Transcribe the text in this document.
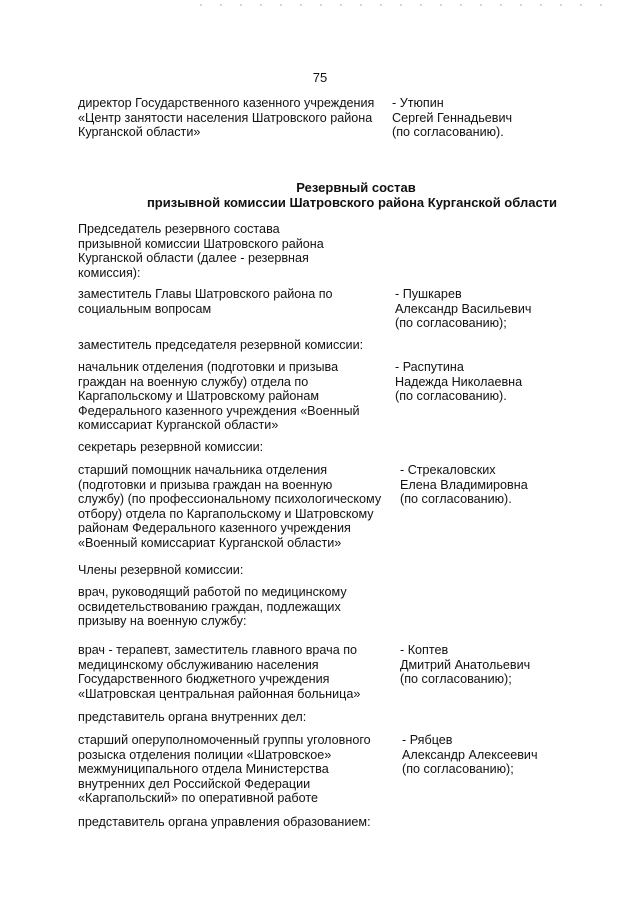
75
директор Государственного казенного учреждения
«Центр занятости населения Шатровского района
Курганской области»
- Утюпин
Сергей Геннадьевич
(по согласованию).
Резервный состав
призывной комиссии Шатровского района Курганской области
Председатель резервного состава
призывной комиссии Шатровского района
Курганской области (далее - резервная
комиссия):
заместитель Главы Шатровского района по
социальным вопросам
- Пушкарев
Александр Васильевич
(по согласованию);
заместитель председателя резервной комиссии:
начальник отделения (подготовки и призыва
граждан на военную службу) отдела по
Каргапольскому и Шатровскому районам
Федерального казенного учреждения «Военный
комиссариат Курганской области»
- Распутина
Надежда Николаевна
(по согласованию).
секретарь резервной комиссии:
старший помощник начальника отделения
(подготовки и призыва граждан на военную
службу) (по профессиональному психологическому
отбору) отдела по Каргапольскому и Шатровскому
районам Федерального казенного учреждения
«Военный комиссариат Курганской области»
- Стрекаловских
Елена Владимировна
(по согласованию).
Члены резервной комиссии:
врач, руководящий работой по медицинскому
освидетельствованию граждан, подлежащих
призыву на военную службу:
врач - терапевт, заместитель главного врача по
медицинскому обслуживанию населения
Государственного бюджетного учреждения
«Шатровская центральная районная больница»
- Коптев
Дмитрий Анатольевич
(по согласованию);
представитель органа внутренних дел:
старший оперуполномоченный группы уголовного
розыска отделения полиции «Шатровское»
межмуниципального отдела Министерства
внутренних дел Российской Федерации
«Каргапольский» по оперативной работе
- Рябцев
Александр Алексеевич
(по согласованию);
представитель органа управления образованием:
